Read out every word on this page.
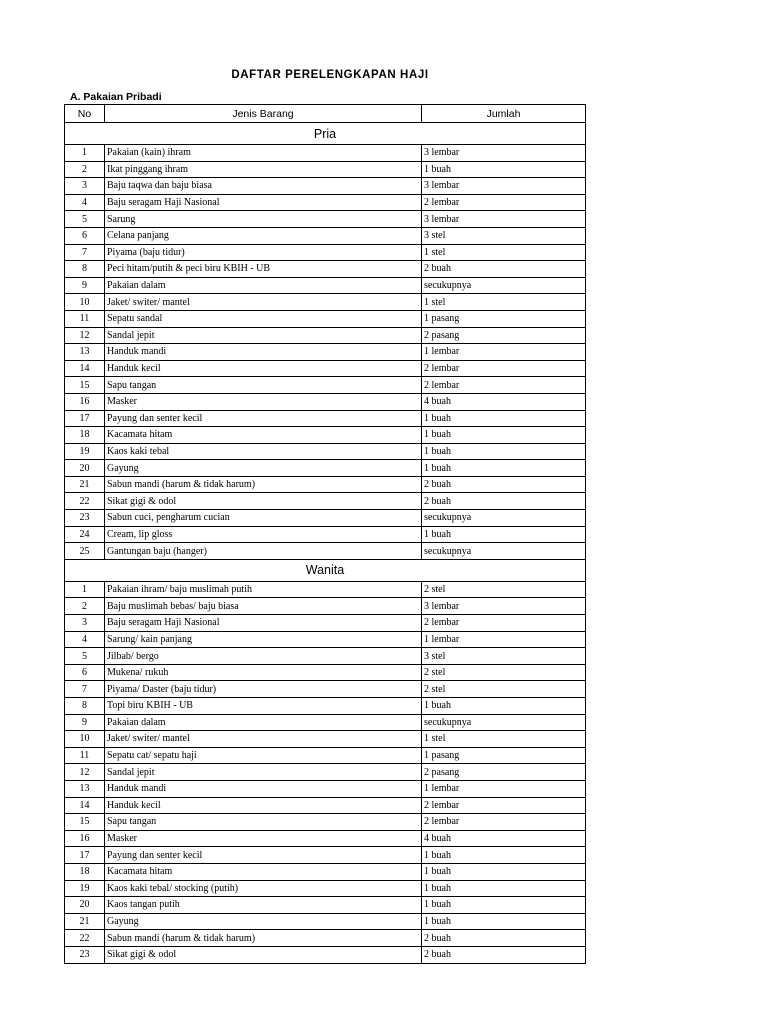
DAFTAR PERELENGKAPAN HAJI
A. Pakaian Pribadi
No	Jenis Barang	Jumlah
Pria		
1	Pakaian (kain) ihram	3 lembar
2	Ikat pinggang ihram	1 buah
3	Baju taqwa dan baju biasa	3 lembar
4	Baju seragam Haji Nasional	2 lembar
5	Sarung	3 lembar
6	Celana panjang	3 stel
7	Piyama (baju tidur)	1 stel
8	Peci hitam/putih & peci biru KBIH - UB	2 buah
9	Pakaian dalam	secukupnya
10	Jaket/ switer/ mantel	1 stel
11	Sepatu sandal	1 pasang
12	Sandal jepit	2 pasang
13	Handuk mandi	1 lembar
14	Handuk kecil	2 lembar
15	Sapu tangan	2 lembar
16	Masker	4 buah
17	Payung dan senter kecil	1 buah
18	Kacamata hitam	1 buah
19	Kaos kaki tebal	1 buah
20	Gayung	1 buah
21	Sabun mandi (harum & tidak harum)	2 buah
22	Sikat gigi & odol	2 buah
23	Sabun cuci, pengharum cucian	secukupnya
24	Cream, lip gloss	1 buah
25	Gantungan baju (hanger)	secukupnya
Wanita		
1	Pakaian ihram/ baju muslimah putih	2 stel
2	Baju muslimah bebas/ baju biasa	3 lembar
3	Baju seragam Haji Nasional	2 lembar
4	Sarung/ kain panjang	1 lembar
5	Jilbab/ bergo	3 stel
6	Mukena/ rukuh	2 stel
7	Piyama/ Daster (baju tidur)	2 stel
8	Topi biru KBIH - UB	1 buah
9	Pakaian dalam	secukupnya
10	Jaket/ switer/ mantel	1 stel
11	Sepatu cat/ sepatu haji	1 pasang
12	Sandal jepit	2 pasang
13	Handuk mandi	1 lembar
14	Handuk kecil	2 lembar
15	Sapu tangan	2 lembar
16	Masker	4 buah
17	Payung dan senter kecil	1 buah
18	Kacamata hitam	1 buah
19	Kaos kaki tebal/ stocking (putih)	1 buah
20	Kaos tangan putih	1 buah
21	Gayung	1 buah
22	Sabun mandi (harum & tidak harum)	2 buah
23	Sikat gigi & odol	2 buah
